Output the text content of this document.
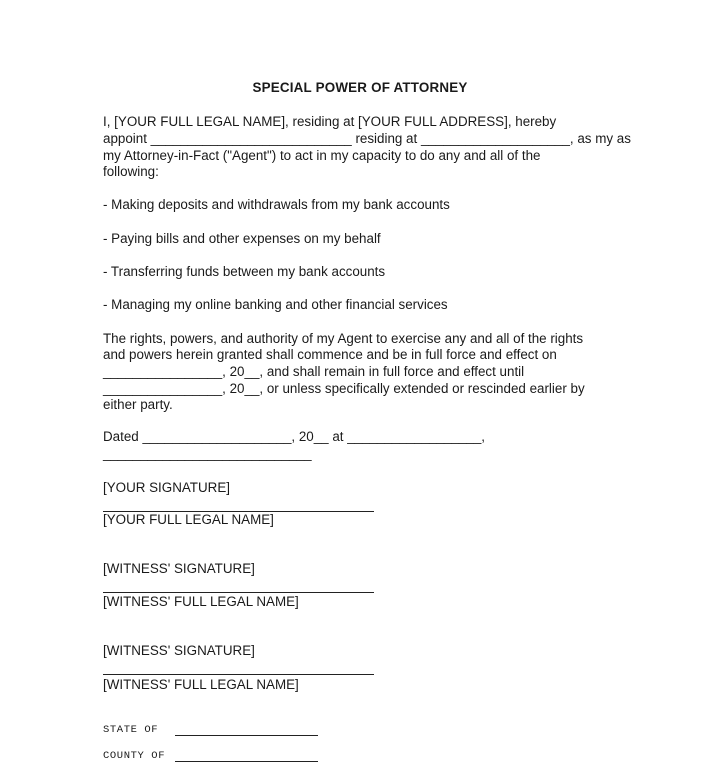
SPECIAL POWER OF ATTORNEY
I, [YOUR FULL LEGAL NAME], residing at [YOUR FULL ADDRESS], hereby
appoint ___________________________ residing at ____________________, as my as
my Attorney-in-Fact ("Agent") to act in my capacity to do any and all of the
following:
- Making deposits and withdrawals from my bank accounts
- Paying bills and other expenses on my behalf
- Transferring funds between my bank accounts
- Managing my online banking and other financial services
The rights, powers, and authority of my Agent to exercise any and all of the rights
and powers herein granted shall commence and be in full force and effect on
________________, 20__, and shall remain in full force and effect until
________________, 20__, or unless specifically extended or rescinded earlier by
either party.
Dated ____________________, 20__ at __________________,
____________________________
[YOUR SIGNATURE]
[YOUR FULL LEGAL NAME]
[WITNESS' SIGNATURE]
[WITNESS' FULL LEGAL NAME]
[WITNESS' SIGNATURE]
[WITNESS' FULL LEGAL NAME]
STATE OF
COUNTY OF
